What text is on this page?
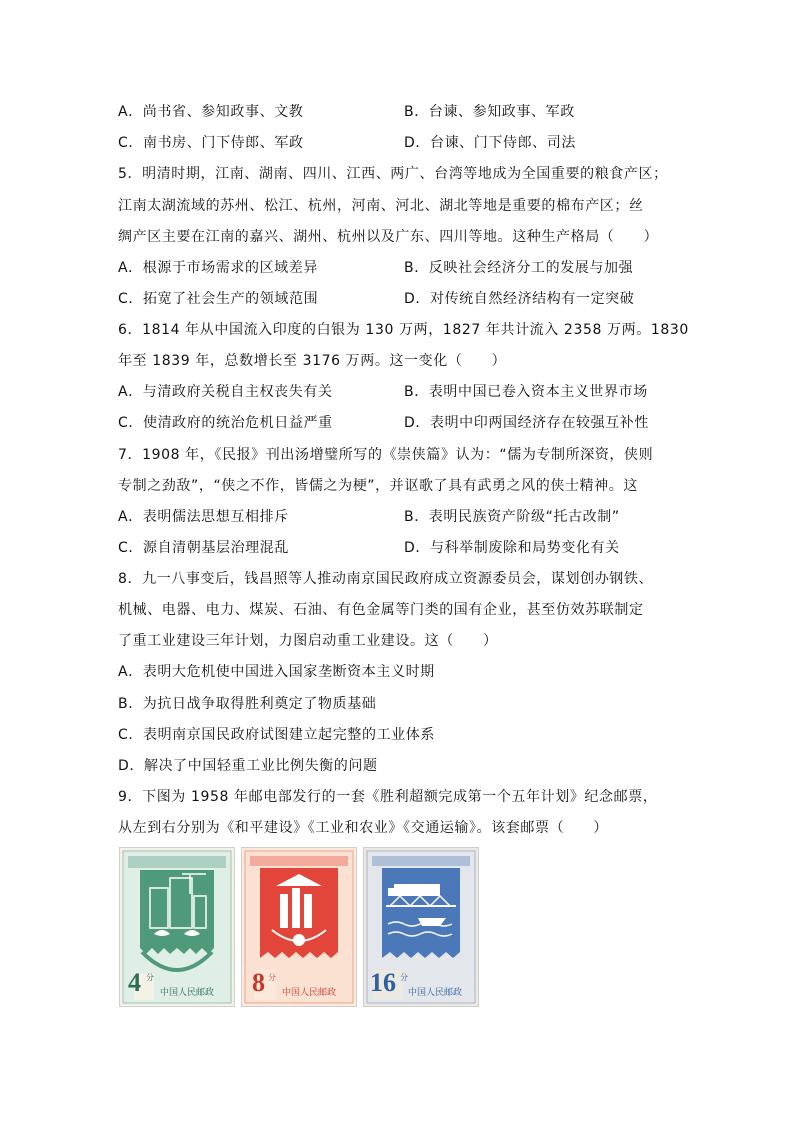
A．尚书省、参知政事、文教	B．台谏、参知政事、军政
C．南书房、门下侍郎、军政	D．台谏、门下侍郎、司法
5．明清时期，江南、湖南、四川、江西、两广、台湾等地成为全国重要的粮食产区；
江南太湖流域的苏州、松江、杭州，河南、河北、湖北等地是重要的棉布产区；丝
绸产区主要在江南的嘉兴、湖州、杭州以及广东、四川等地。这种生产格局（　　）
A．根源于市场需求的区域差异	B．反映社会经济分工的发展与加强
C．拓宽了社会生产的领域范围	D．对传统自然经济结构有一定突破
6．1814 年从中国流入印度的白银为 130 万两，1827 年共计流入 2358 万两。1830
年至 1839 年，总数增长至 3176 万两。这一变化（　　）
A．与清政府关税自主权丧失有关	B．表明中国已卷入资本主义世界市场
C．使清政府的统治危机日益严重	D．表明中印两国经济存在较强互补性
7．1908 年，《民报》刊出汤增璧所写的《崇侠篇》认为：“儒为专制所深资，侠则
专制之劲敌”，“侠之不作，皆儒之为梗”，并讴歌了具有武勇之风的侠士精神。这
A．表明儒法思想互相排斥	B．表明民族资产阶级“托古改制”
C．源自清朝基层治理混乱	D．与科举制废除和局势变化有关
8．九一八事变后，钱昌照等人推动南京国民政府成立资源委员会，谋划创办钢铁、
机械、电器、电力、煤炭、石油、有色金属等门类的国有企业，甚至仿效苏联制定
了重工业建设三年计划，力图启动重工业建设。这（　　）
A．表明大危机使中国进入国家垄断资本主义时期
B．为抗日战争取得胜利奠定了物质基础
C．表明南京国民政府试图建立起完整的工业体系
D．解决了中国轻重工业比例失衡的问题
9．下图为 1958 年邮电部发行的一套《胜利超额完成第一个五年计划》纪念邮票，
从左到右分别为《和平建设》《工业和农业》《交通运输》。该套邮票（　　）
4 分
中国人民邮政 8 分
中国人民邮政 16 分
中国人民邮政
